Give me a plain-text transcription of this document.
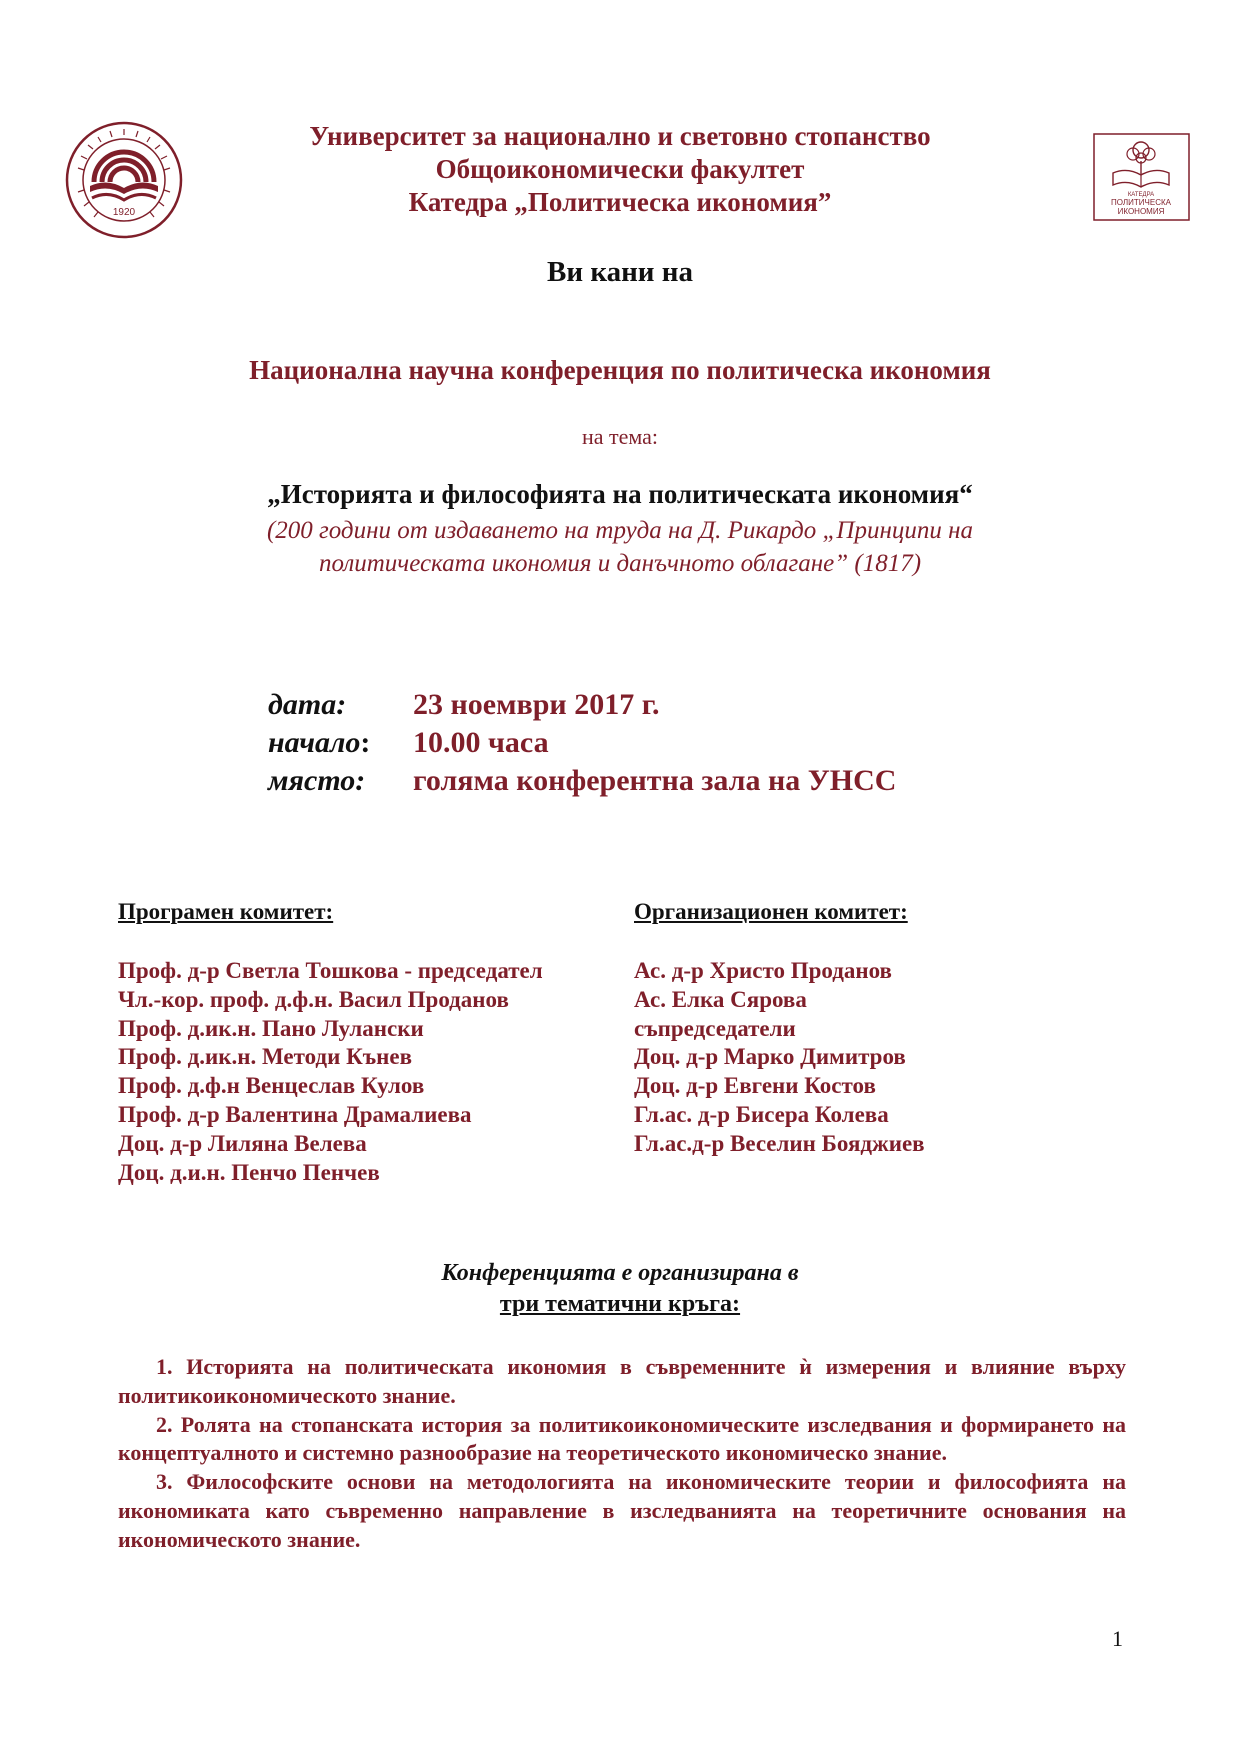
1920
КАТЕДРА
ПОЛИТИЧЕСКА
ИКОНОМИЯ
Университет за национално и световно стопанство
Общоикономически факултет
Катедра „Политическа икономия”
Ви кани на
Национална научна конференция по политическа икономия
на тема:
„Историята и философията на политическата икономия“
(200 години от издаването на труда на Д. Рикардо „Принципи на
политическата икономия и данъчното облагане” (1817)
дата: 23 ноември 2017 г.
начало: 10.00 часа
място: голяма конферентна зала на УНСС
Програмен комитет:
Проф. д-р Светла Тошкова - председател
Чл.-кор. проф. д.ф.н. Васил Проданов
Проф. д.ик.н. Пано Лулански
Проф. д.ик.н. Методи Кънев
Проф. д.ф.н Венцеслав Кулов
Проф. д-р Валентина Драмалиева
Доц. д-р Лиляна Велева
Доц. д.и.н. Пенчо Пенчев
Организационен комитет:
Ас. д-р Христо Проданов
Ас. Елка Сярова
съпредседатели
Доц. д-р Марко Димитров
Доц. д-р Евгени Костов
Гл.ас. д-р Бисера Колева
Гл.ас.д-р Веселин Бояджиев
Конференцията е организирана в
три тематични кръга:
1. Историята на политическата икономия в съвременните ѝ измерения и влияние върху политикоикономическото знание.
2. Ролята на стопанската история за политикоикономическите изследвания и формирането на концептуалното и системно разнообразие на теоретическото икономическо знание.
3. Философските основи на методологията на икономическите теории и философията на икономиката като съвременно направление в изследванията на теоретичните основания на икономическото знание.
1
